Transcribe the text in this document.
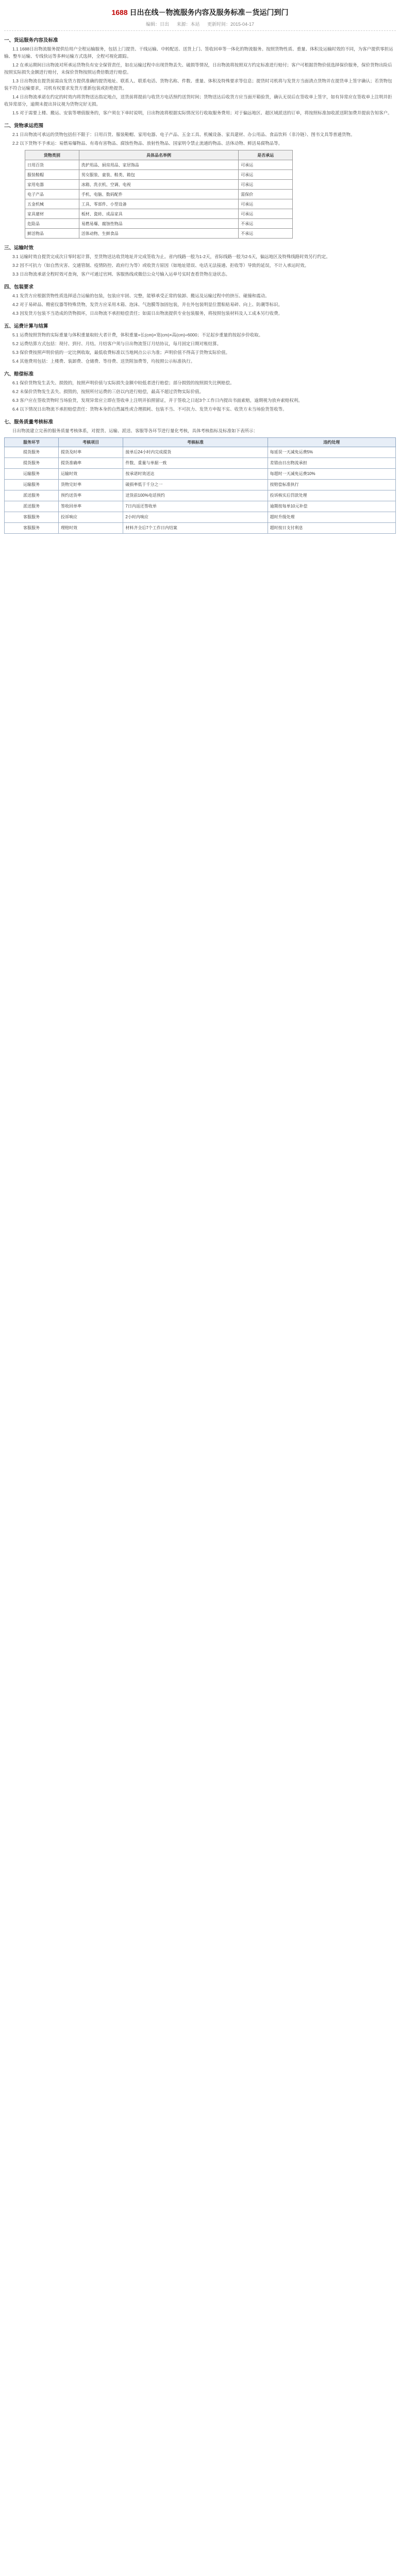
1688 日出在线－物流服务内容及服务标准－货运门到门
编辑：日出 来源：本站 更新时间：2015-04-17
一、货运服务内容及标准
1.1 1688日出物流服务提供给用户全程运输服务，包括上门提货、干线运输、中转配送、送货上门、签收回单等一体化的物流服务。按照货物性质、重量、体积及运输时效的不同，为客户提供零担运输、整车运输、专线快运等多种运输方式选择，全程可视化跟踪。
1.2 在承运期间日出物流对所承运货物负有安全保管责任，如在运输过程中出现货物丢失、破损等情况，日出物流将按照双方约定标准进行赔付；客户可根据货物价值选择保价服务，保价货物出险后按照实际损失金额进行赔付，未保价货物按照运费倍数进行赔偿。
1.3 日出物流在提货前需由发货方提供准确的提货地址、联系人、联系电话、货物名称、件数、重量、体积及特殊要求等信息；提货时司机将与发货方当面清点货物并在提货单上签字确认；若货物包装不符合运输要求，司机有权要求发货方重新包装或拒绝提货。
1.4 日出物流承诺在约定的时效内将货物送达指定地点，送货前将提前与收货方电话预约送货时间；货物送达后收货方应当面开箱验货，确认无误后在签收单上签字，如有异常应在签收单上注明并拒收异常部分，逾期未提出异议视为货物完好无损。
1.5 对于需要上楼、搬运、安装等增值服务的，客户须在下单时说明，日出物流将根据实际情况另行收取服务费用；对于偏远地区、超区域派送的订单，将按照标准加收派送附加费并提前告知客户。
二、货物承运范围
2.1 日出物流可承运的货物包括但不限于：日用百货、服装鞋帽、家用电器、电子产品、五金工具、机械设备、家具建材、办公用品、食品饮料（非冷链）、图书文具等普通货物。
2.2 以下货物不予承运：易燃易爆物品、有毒有害物品、腐蚀性物品、放射性物品、国家明令禁止流通的物品、活体动物、鲜活易腐物品等。
货物类别	具体品名举例	是否承运
日用百货	洗护用品、厨房用品、家居饰品	可承运
服装鞋帽	男女服装、童装、鞋类、箱包	可承运
家用电器	冰箱、洗衣机、空调、电视	可承运
电子产品	手机、电脑、数码配件	需保价
五金机械	工具、零部件、小型设备	可承运
家具建材	板材、瓷砖、成品家具	可承运
危险品	易燃易爆、腐蚀性物品	不承运
鲜活物品	活体动物、生鲜食品	不承运
三、运输时效
3.1 运输时效自提货完成次日零时起计算，至货物送达收货地址并完成签收为止。省内线路一般为1-2天，省际线路一般为2-5天，偏远地区及特殊线路时效另行约定。
3.2 因不可抗力（如自然灾害、交通管制、疫情防控、政府行为等）或收货方原因（如地址错误、电话无法接通、拒收等）导致的延误，不计入承运时效。
3.3 日出物流承诺全程时效可查询，客户可通过官网、客服热线或微信公众号输入运单号实时查看货物在途状态。
四、包装要求
4.1 发货方应根据货物性质选择适合运输的包装，包装应牢固、完整，能够承受正常的装卸、搬运及运输过程中的挤压、碰撞和震动。
4.2 对于易碎品、精密仪器等特殊货物，发货方应采用木箱、泡沫、气泡膜等加固包装，并在外包装明显位置粘贴易碎、向上、防潮等标识。
4.3 因发货方包装不当造成的货物损坏，日出物流不承担赔偿责任；如需日出物流提供专业包装服务，将按照包装材料及人工成本另行收费。
五、运费计算与结算
5.1 运费按照货物的实际重量与体积重量取较大者计费，体积重量=长(cm)×宽(cm)×高(cm)÷6000；不足起步重量的按起步价收取。
5.2 运费结算方式包括：现付、到付、月结。月结客户须与日出物流签订月结协议，每月固定日期对账结算。
5.3 保价费按照声明价值的一定比例收取，最低收费标准以当地网点公示为准；声明价值不得高于货物实际价值。
5.4 其他费用包括：上楼费、装卸费、仓储费、等待费、送货附加费等，均按照公示标准执行。
六、赔偿标准
6.1 保价货物发生丢失、损毁的，按照声明价值与实际损失金额中较低者进行赔偿；部分损毁的按照损失比例赔偿。
6.2 未保价货物发生丢失、损毁的，按照所付运费的三倍以内进行赔偿，最高不超过货物实际价值。
6.3 客户应在签收货物时当场验货，发现异常应立即在签收单上注明并拍照留证，并于签收之日起3个工作日内提出书面索赔，逾期视为放弃索赔权利。
6.4 以下情况日出物流不承担赔偿责任：货物本身的自然属性或合理损耗、包装不当、不可抗力、发货方申报不实、收货方未当场验货签收等。
七、服务质量考核标准
日出物流建立完善的服务质量考核体系，对提货、运输、派送、客服等各环节进行量化考核，具体考核指标及标准如下表所示：
服务环节	考核项目	考核标准	违约处理
提货服务	提货及时率	接单后24小时内完成提货	每延误一天减免运费5%
提货服务	提货准确率	件数、重量与单据一致	差错由日出物流承担
运输服务	运输时效	按承诺时效送达	每超时一天减免运费10%
运输服务	货物完好率	破损率低于千分之一	按赔偿标准执行
派送服务	预约送货率	送货前100%电话预约	投诉核实后罚款处理
派送服务	签收回单率	7日内返还签收单	逾期按每单10元补偿
客服服务	投诉响应	2小时内响应	超时升级处理
客服服务	理赔时效	材料齐全后7个工作日内结案	超时按日支付利息
